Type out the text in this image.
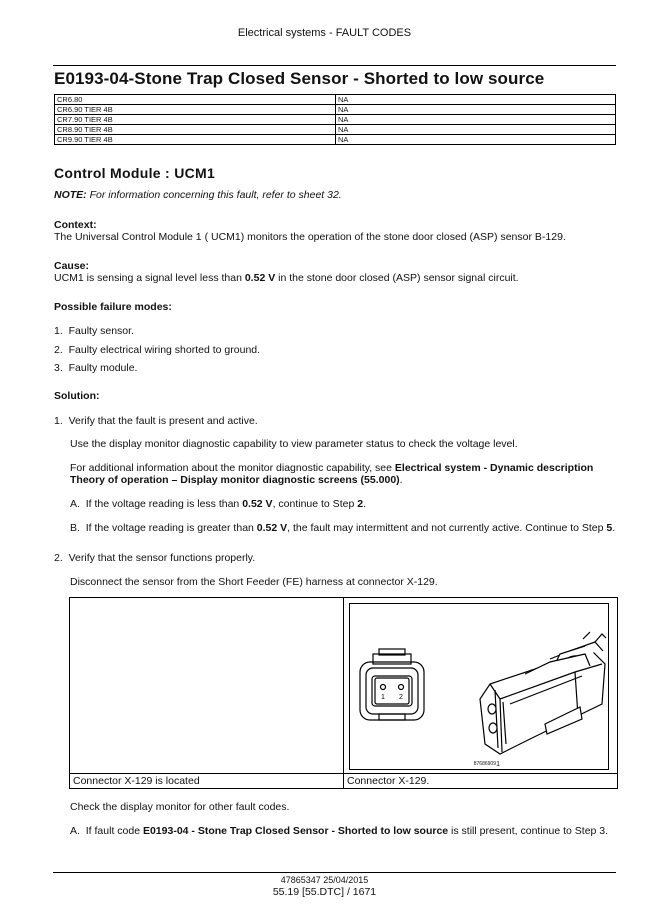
Electrical systems - FAULT CODES
E0193-04-Stone Trap Closed Sensor - Shorted to low source
CR6.80	NA
CR6.90 TIER 4B	NA
CR7.90 TIER 4B	NA
CR8.90 TIER 4B	NA
CR9.90 TIER 4B	NA
Control Module : UCM1
NOTE: For information concerning this fault, refer to sheet 32.
Context:
The Universal Control Module 1 ( UCM1) monitors the operation of the stone door closed (ASP) sensor B-129.
Cause:
UCM1 is sensing a signal level less than 0.52 V in the stone door closed (ASP) sensor signal circuit.
Possible failure modes:
1. Faulty sensor.
2. Faulty electrical wiring shorted to ground.
3. Faulty module.
Solution:
1. Verify that the fault is present and active.
Use the display monitor diagnostic capability to view parameter status to check the voltage level.
For additional information about the monitor diagnostic capability, see Electrical system - Dynamic description Theory of operation – Display monitor diagnostic screens (55.000).
A. If the voltage reading is less than 0.52 V, continue to Step 2.
B. If the voltage reading is greater than 0.52 V, the fault may intermittent and not currently active. Continue to Step 5.
2. Verify that the sensor functions properly.
Disconnect the sensor from the Short Feeder (FE) harness at connector X-129.
1 2
87686909 1
Connector X-129 is located	Connector X-129.
Check the display monitor for other fault codes.
A. If fault code E0193-04 - Stone Trap Closed Sensor - Shorted to low source is still present, continue to Step 3.
47865347 25/04/2015
55.19 [55.DTC] / 1671
